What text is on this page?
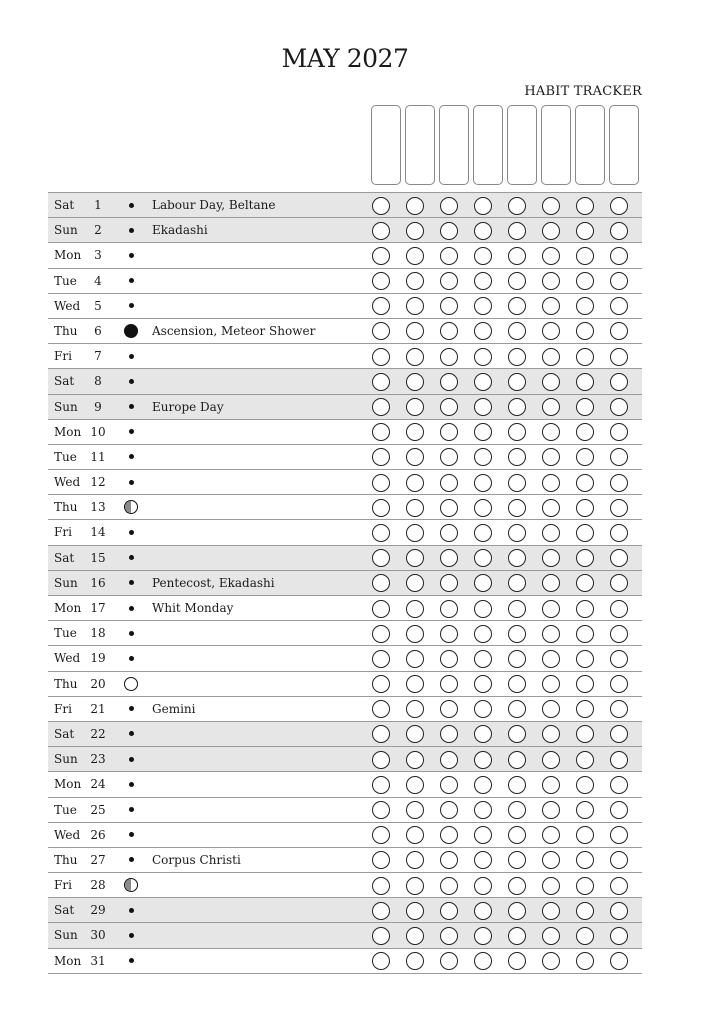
MAY 2027
HABIT TRACKER
Sat	1	Labour Day, Beltane
Sun	2	Ekadashi
Mon	3
Tue	4
Wed	5
Thu	6	Ascension, Meteor Shower
Fri	7
Sat	8
Sun	9	Europe Day
Mon 10
Tue	11
Wed 12
Thu	13
Fri	14
Sat	15
Sun	16	Pentecost, Ekadashi
Mon 17	Whit Monday
Tue	18
Wed 19
Thu	20
Fri	21	Gemini
Sat	22
Sun	23
Mon 24
Tue	25
Wed 26
Thu	27	Corpus Christi
Fri	28
Sat	29
Sun	30
Mon 31
